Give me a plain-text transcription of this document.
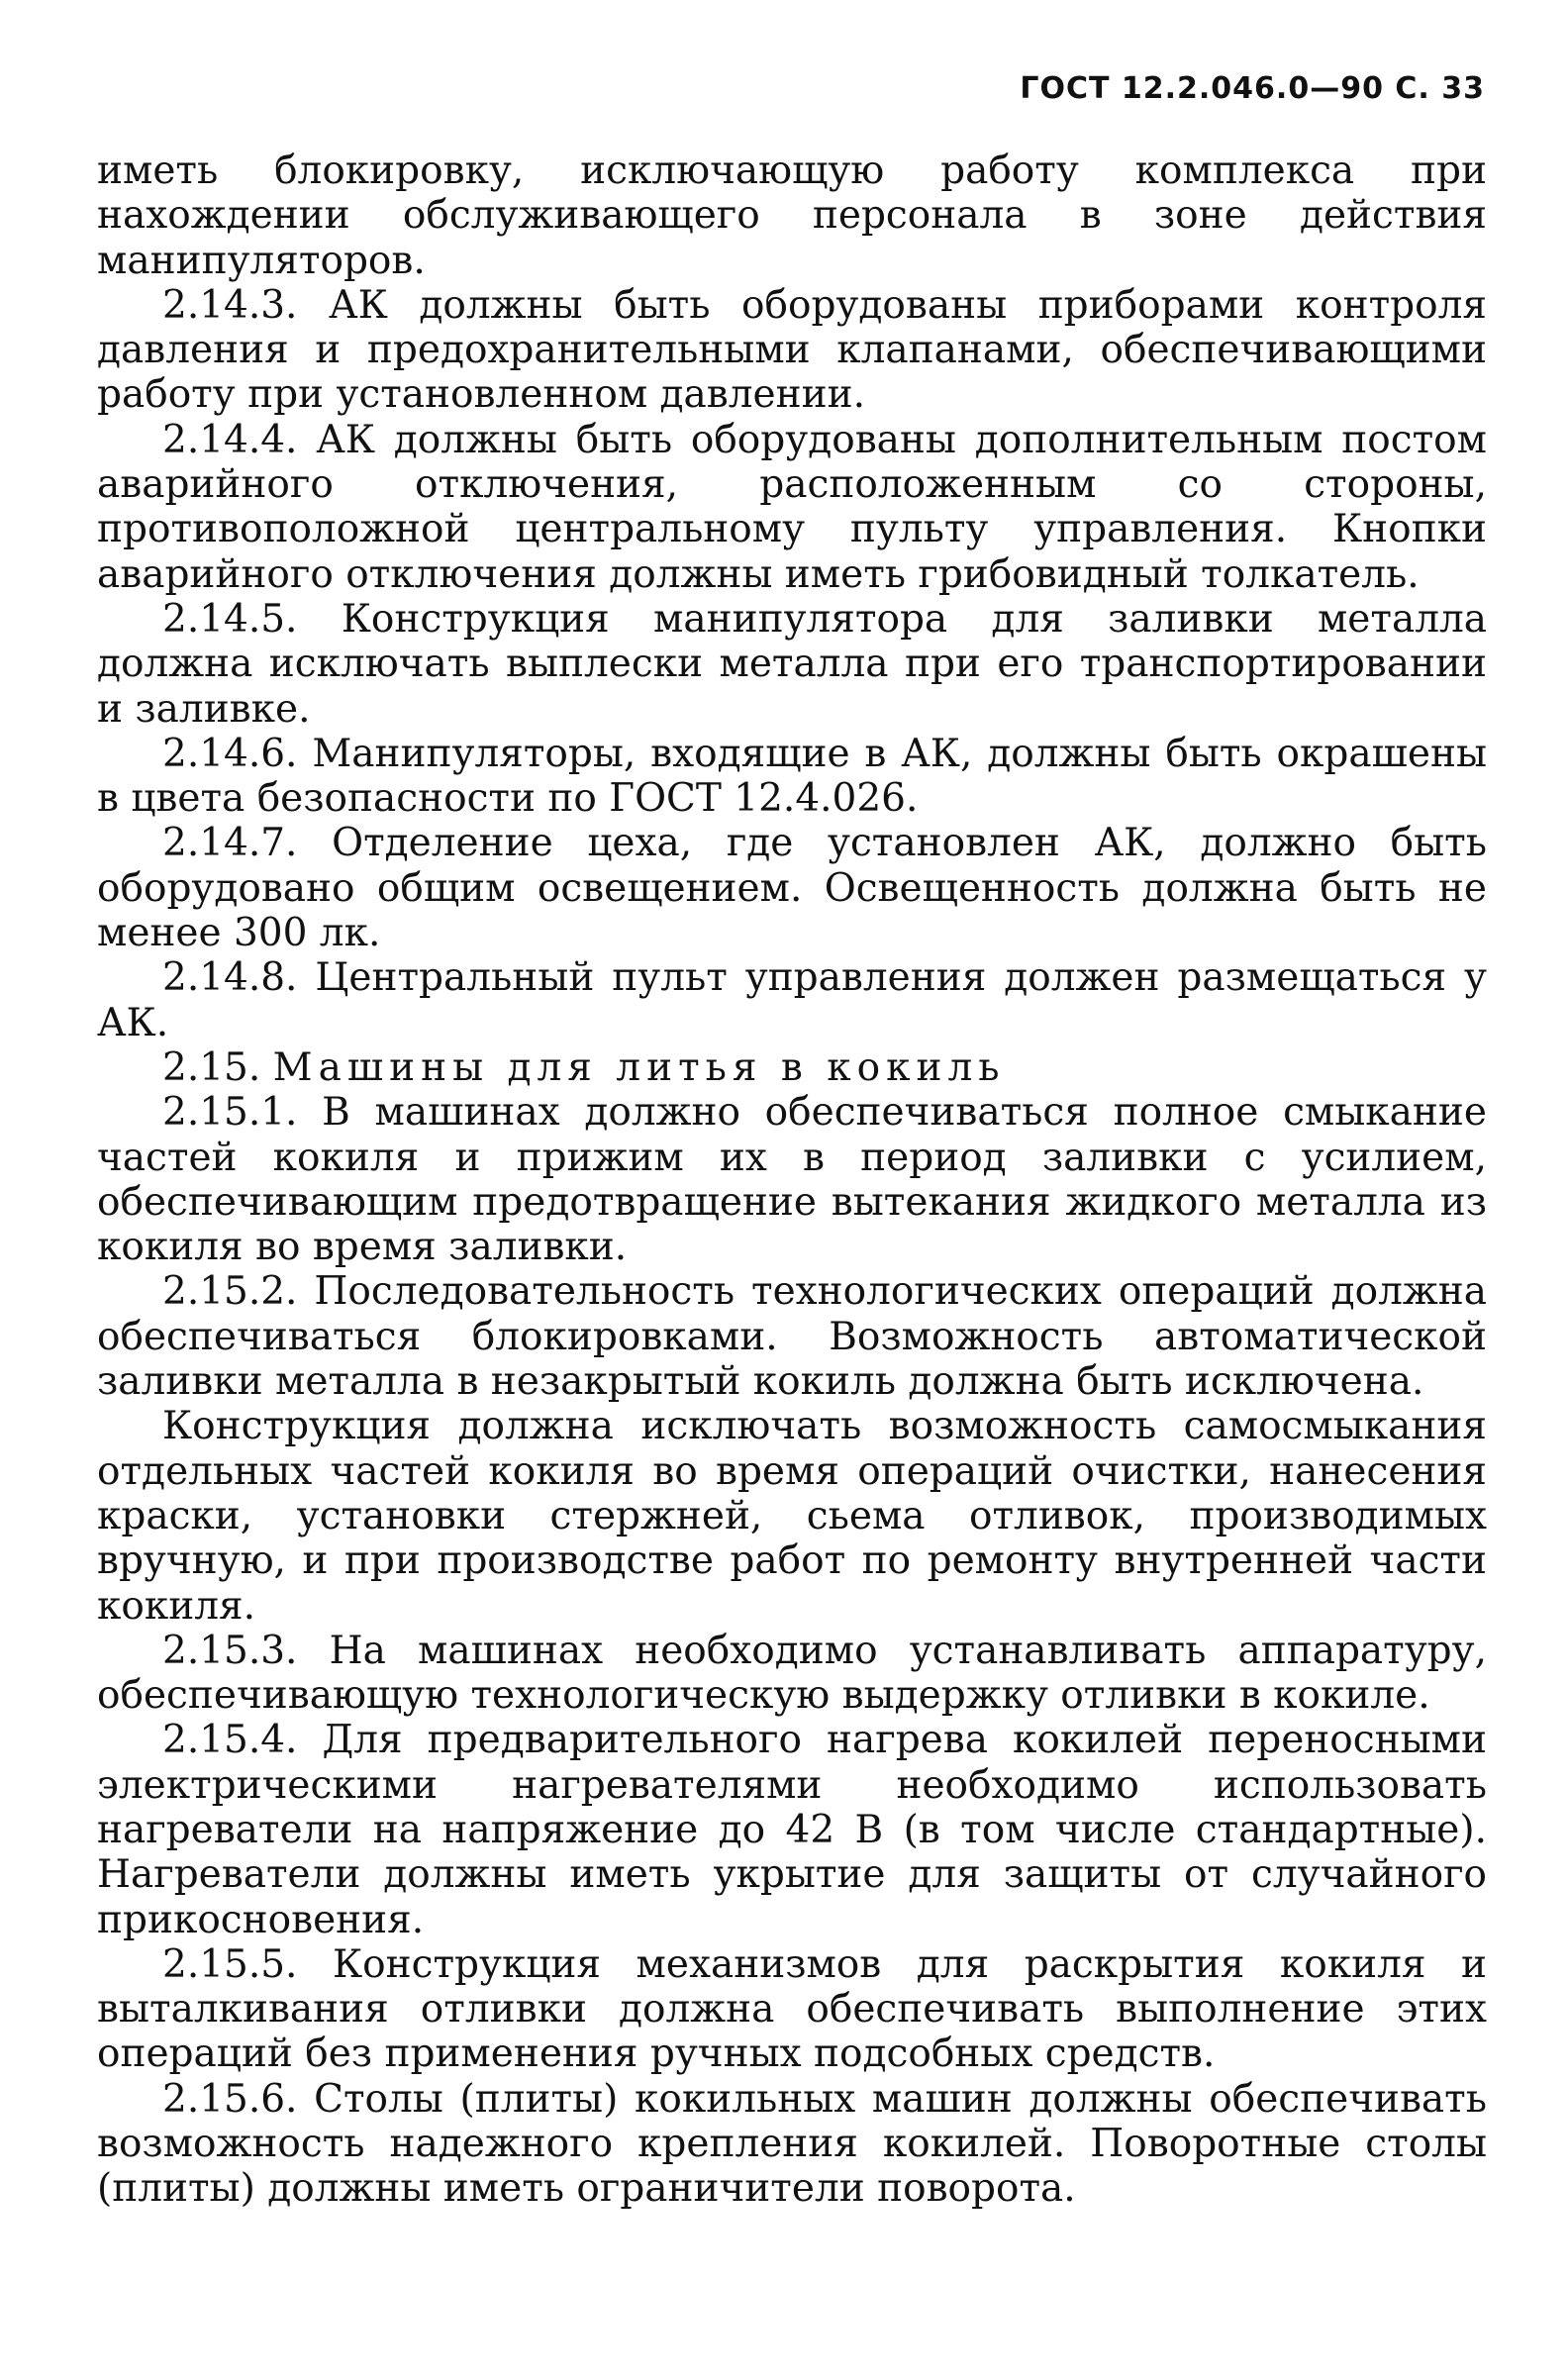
ГОСТ 12.2.046.0—90 С. 33

иметь блокировку, исключающую работу комплекса при нахождении обслуживающего персонала в зоне действия манипуляторов.

2.14.3. АК должны быть оборудованы приборами контроля давления и предохранительными клапанами, обеспечивающими работу при установленном давлении.

2.14.4. АК должны быть оборудованы дополнительным постом аварийного отключения, расположенным со стороны, противоположной центральному пульту управления. Кнопки аварийного отключения должны иметь грибовидный толкатель.

2.14.5. Конструкция манипулятора для заливки металла должна исключать выплески металла при его транспортировании и заливке.

2.14.6. Манипуляторы, входящие в АК, должны быть окрашены в цвета безопасности по ГОСТ 12.4.026.

2.14.7. Отделение цеха, где установлен АК, должно быть оборудовано общим освещением. Освещенность должна быть не менее 300 лк.

2.14.8. Центральный пульт управления должен размещаться у АК.

2.15. Машины для литья в кокиль

2.15.1. В машинах должно обеспечиваться полное смыкание частей кокиля и прижим их в период заливки с усилием, обеспечивающим предотвращение вытекания жидкого металла из кокиля во время заливки.

2.15.2. Последовательность технологических операций должна обеспечиваться блокировками. Возможность автоматической заливки металла в незакрытый кокиль должна быть исключена.

Конструкция должна исключать возможность самосмыкания отдельных частей кокиля во время операций очистки, нанесения краски, установки стержней, сьема отливок, производимых вручную, и при производстве работ по ремонту внутренней части кокиля.

2.15.3. На машинах необходимо устанавливать аппаратуру, обеспечивающую технологическую выдержку отливки в кокиле.

2.15.4. Для предварительного нагрева кокилей переносными электрическими нагревателями необходимо использовать нагреватели на напряжение до 42 В (в том числе стандартные). Нагреватели должны иметь укрытие для защиты от случайного прикосновения.

2.15.5. Конструкция механизмов для раскрытия кокиля и выталкивания отливки должна обеспечивать выполнение этих операций без применения ручных подсобных средств.

2.15.6. Столы (плиты) кокильных машин должны обеспечивать возможность надежного крепления кокилей. Поворотные столы (плиты) должны иметь ограничители поворота.
